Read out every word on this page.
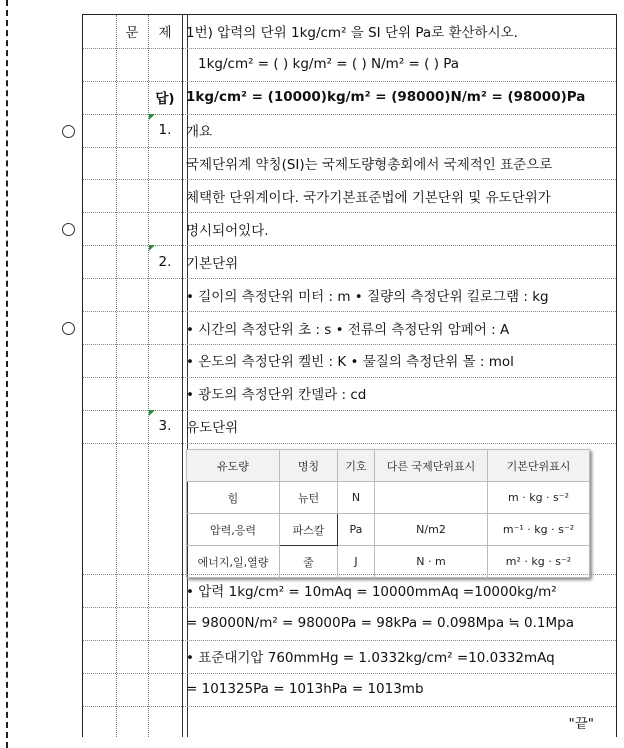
문	제	1번) 압력의 단위 1kg/cm² 을 SI 단위 Pa로 환산하시오.
1kg/cm² = ( ) kg/m² = ( ) N/m² = ( ) Pa
답) 1kg/cm² = (10000)kg/m² = (98000)N/m² = (98000)Pa
1.	개요
국제단위계 약칭(SI)는 국제도량형총회에서 국제적인 표준으로
체택한 단위계이다. 국가기본표준법에 기본단위 및 유도단위가
명시되어있다.
2.	기본단위
• 길이의 측정단위 미터 : m • 질량의 측정단위 킬로그램 : kg
• 시간의 측정단위 초 : s • 전류의 측정단위 암페어 : A
• 온도의 측정단위 켈빈 : K • 물질의 측정단위 몰 : mol
• 광도의 측정단위 칸델라 : cd
3.	유도단위
유도량	명칭	기호	다른 국제단위표시	기본단위표시
힘	뉴턴	N		m · kg · s⁻²
압력,응력	파스칼	Pa	N/m2	m⁻¹ · kg · s⁻²
에너지,일,열량	줄	J	N · m	m² · kg · s⁻²
• 압력 1kg/cm² = 10mAq = 10000mmAq =10000kg/m²
= 98000N/m² = 98000Pa = 98kPa = 0.098Mpa ≒ 0.1Mpa
• 표준대기압 760mmHg = 1.0332kg/cm² =10.0332mAq
= 101325Pa = 1013hPa = 1013mb
"끝"
